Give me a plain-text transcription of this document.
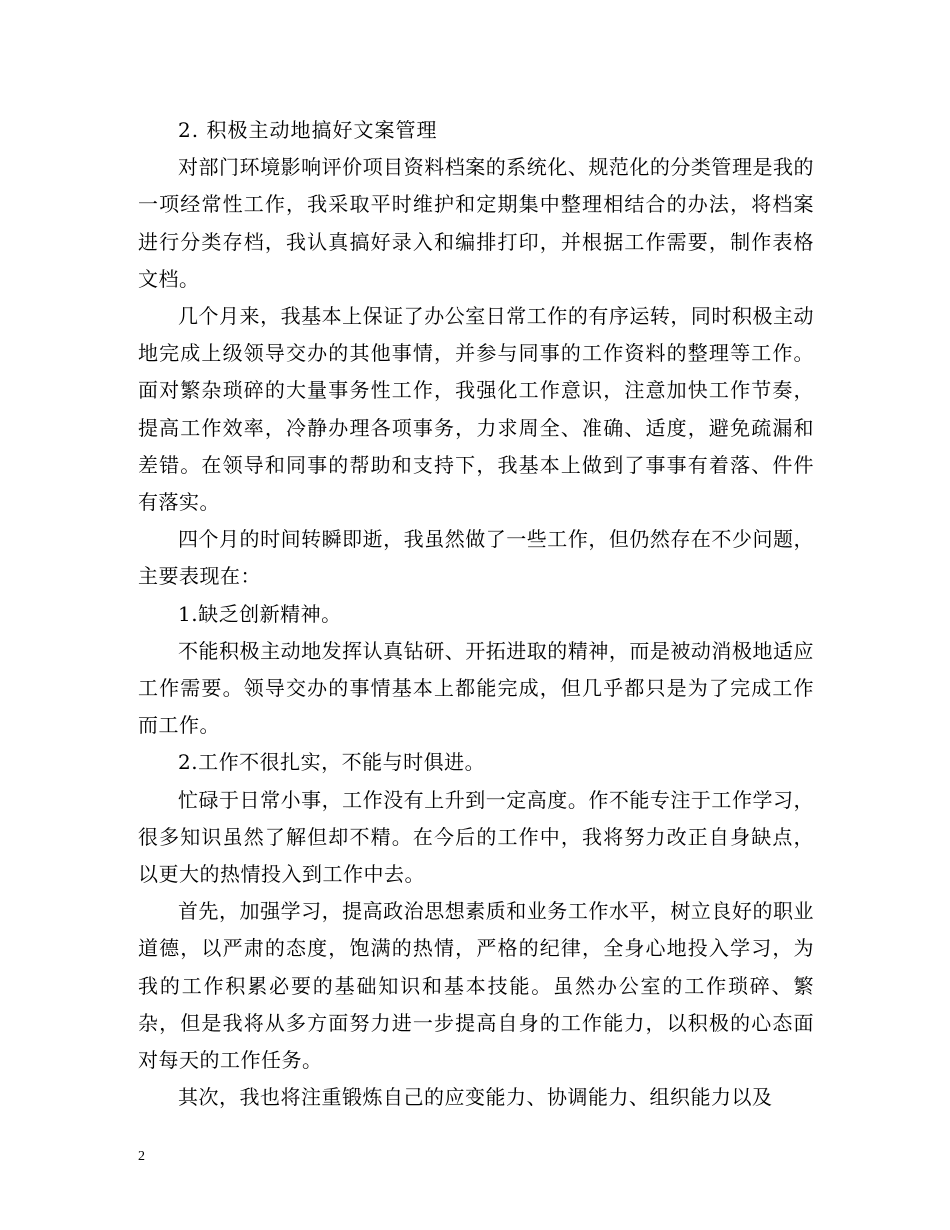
2. 积极主动地搞好文案管理

对部门环境影响评价项目资料档案的系统化、规范化的分类管理是我的一项经常性工作，我采取平时维护和定期集中整理相结合的办法，将档案进行分类存档，我认真搞好录入和编排打印，并根据工作需要，制作表格文档。

几个月来，我基本上保证了办公室日常工作的有序运转，同时积极主动地完成上级领导交办的其他事情，并参与同事的工作资料的整理等工作。面对繁杂琐碎的大量事务性工作，我强化工作意识，注意加快工作节奏，提高工作效率，冷静办理各项事务，力求周全、准确、适度，避免疏漏和差错。在领导和同事的帮助和支持下，我基本上做到了事事有着落、件件有落实。

四个月的时间转瞬即逝，我虽然做了一些工作，但仍然存在不少问题，主要表现在：

1.缺乏创新精神。

不能积极主动地发挥认真钻研、开拓进取的精神，而是被动消极地适应工作需要。领导交办的事情基本上都能完成，但几乎都只是为了完成工作而工作。

2.工作不很扎实，不能与时俱进。

忙碌于日常小事，工作没有上升到一定高度。作不能专注于工作学习，很多知识虽然了解但却不精。在今后的工作中，我将努力改正自身缺点，以更大的热情投入到工作中去。

首先，加强学习，提高政治思想素质和业务工作水平，树立良好的职业道德，以严肃的态度，饱满的热情，严格的纪律，全身心地投入学习，为我的工作积累必要的基础知识和基本技能。虽然办公室的工作琐碎、繁杂，但是我将从多方面努力进一步提高自身的工作能力，以积极的心态面对每天的工作任务。

其次，我也将注重锻炼自己的应变能力、协调能力、组织能力以及

2
